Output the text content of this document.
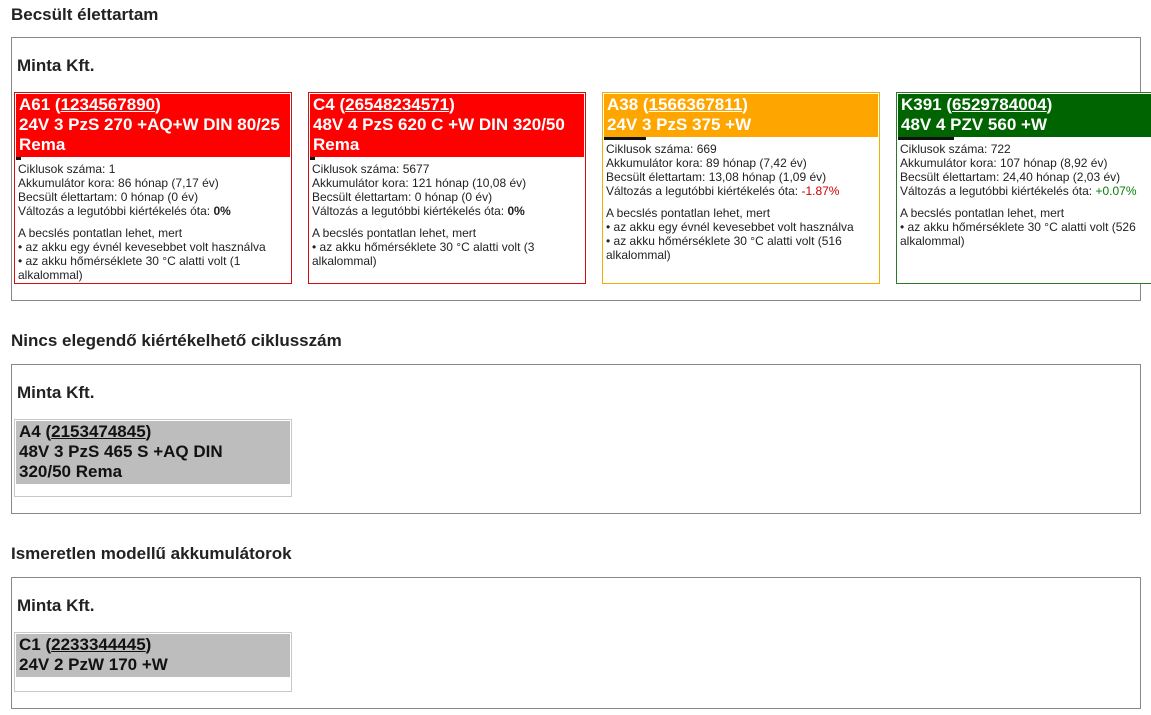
Becsült élettartam
Minta Kft.
A61 (1234567890)
24V 3 PzS 270 +AQ+W DIN 80/25 Rema
Ciklusok száma: 1
Akkumulátor kora: 86 hónap (7,17 év)
Becsült élettartam: 0 hónap (0 év)
Változás a legutóbbi kiértékelés óta: 0%
A becslés pontatlan lehet, mert
• az akku egy évnél kevesebbet volt használva
• az akku hőmérséklete 30 °C alatti volt (1
alkalommal)
C4 (26548234571)
48V 4 PzS 620 C +W DIN 320/50 Rema
Ciklusok száma: 5677
Akkumulátor kora: 121 hónap (10,08 év)
Becsült élettartam: 0 hónap (0 év)
Változás a legutóbbi kiértékelés óta: 0%
A becslés pontatlan lehet, mert
• az akku hőmérséklete 30 °C alatti volt (3
alkalommal)
A38 (1566367811)
24V 3 PzS 375 +W
Ciklusok száma: 669
Akkumulátor kora: 89 hónap (7,42 év)
Becsült élettartam: 13,08 hónap (1,09 év)
Változás a legutóbbi kiértékelés óta: -1.87%
A becslés pontatlan lehet, mert
• az akku egy évnél kevesebbet volt használva
• az akku hőmérséklete 30 °C alatti volt (516
alkalommal)
K391 (6529784004)
48V 4 PZV 560 +W
Ciklusok száma: 722
Akkumulátor kora: 107 hónap (8,92 év)
Becsült élettartam: 24,40 hónap (2,03 év)
Változás a legutóbbi kiértékelés óta: +0.07%
A becslés pontatlan lehet, mert
• az akku hőmérséklete 30 °C alatti volt (526
alkalommal)
Nincs elegendő kiértékelhető ciklusszám
Minta Kft.
A4 (2153474845)
48V 3 PzS 465 S +AQ DIN
320/50 Rema
Ismeretlen modellű akkumulátorok
Minta Kft.
C1 (2233344445)
24V 2 PzW 170 +W
